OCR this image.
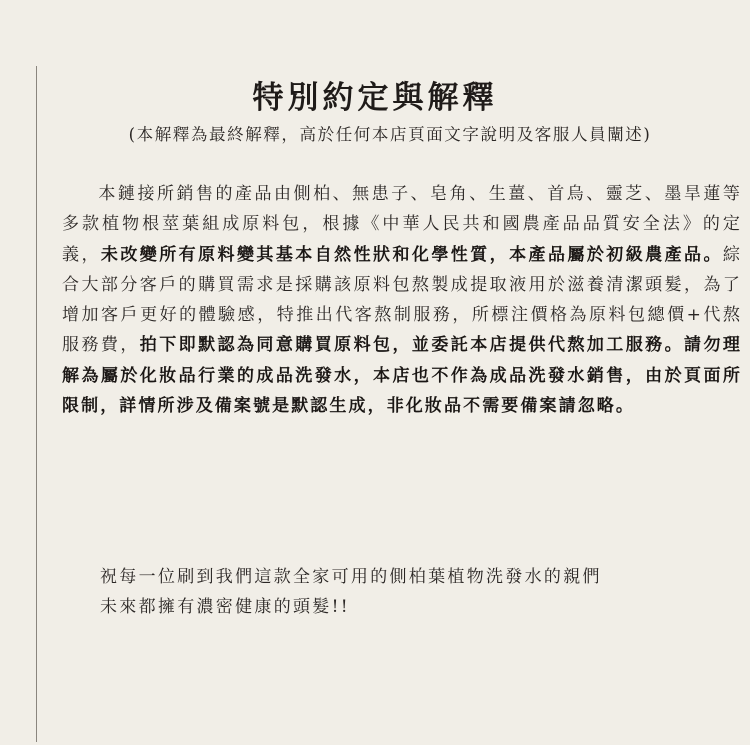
特別約定與解釋
(本解釋為最終解釋，高於任何本店頁面文字說明及客服人員闡述)

本鏈接所銷售的產品由側柏、無患子、皂角、生薑、首烏、靈芝、墨旱蓮等多款植物根莖葉組成原料包，根據《中華人民共和國農產品品質安全法》的定義，未改變所有原料變其基本自然性狀和化學性質，本產品屬於初級農產品。綜合大部分客戶的購買需求是採購該原料包熬製成提取液用於滋養清潔頭髮，為了增加客戶更好的體驗感，特推出代客熬制服務，所標注價格為原料包總價+代熬服務費，拍下即默認為同意購買原料包，並委託本店提供代熬加工服務。請勿理解為屬於化妝品行業的成品洗發水，本店也不作為成品洗發水銷售，由於頁面所限制，詳情所涉及備案號是默認生成，非化妝品不需要備案請忽略。

祝每一位刷到我們這款全家可用的側柏葉植物洗發水的親們
未來都擁有濃密健康的頭髮!!
